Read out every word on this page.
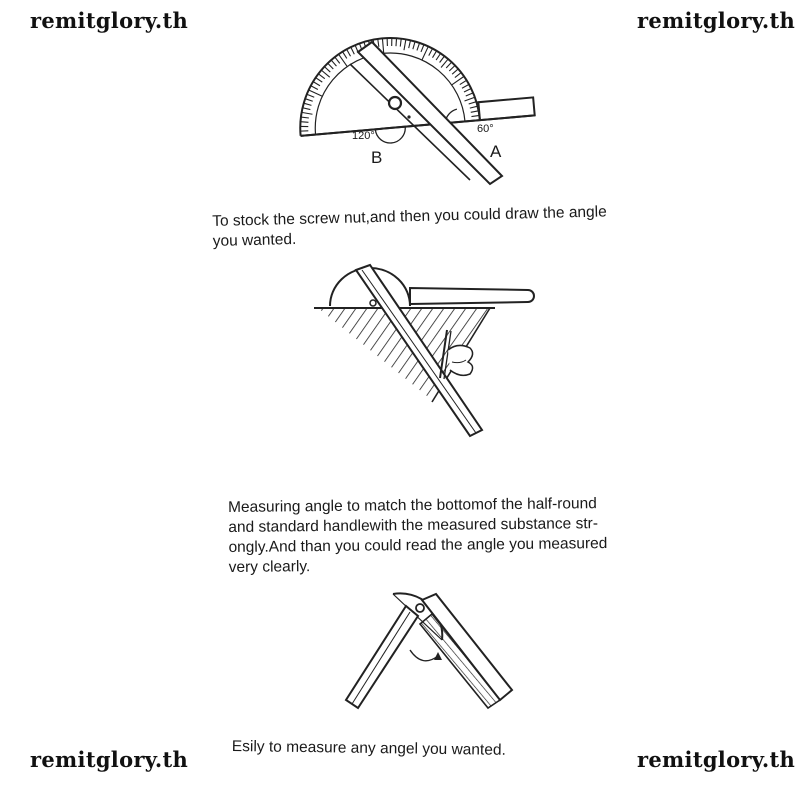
remitglory.th	remitglory.th
remitglory.th	remitglory.th
120°
60°
B	A
To stock the screw nut,and then you could draw the angle
you wanted.
Measuring angle to match the bottomof the half-round
and standard handlewith the measured substance str-
ongly.And than you could read the angle you measured
very clearly.
Esily to measure any angel you wanted.
